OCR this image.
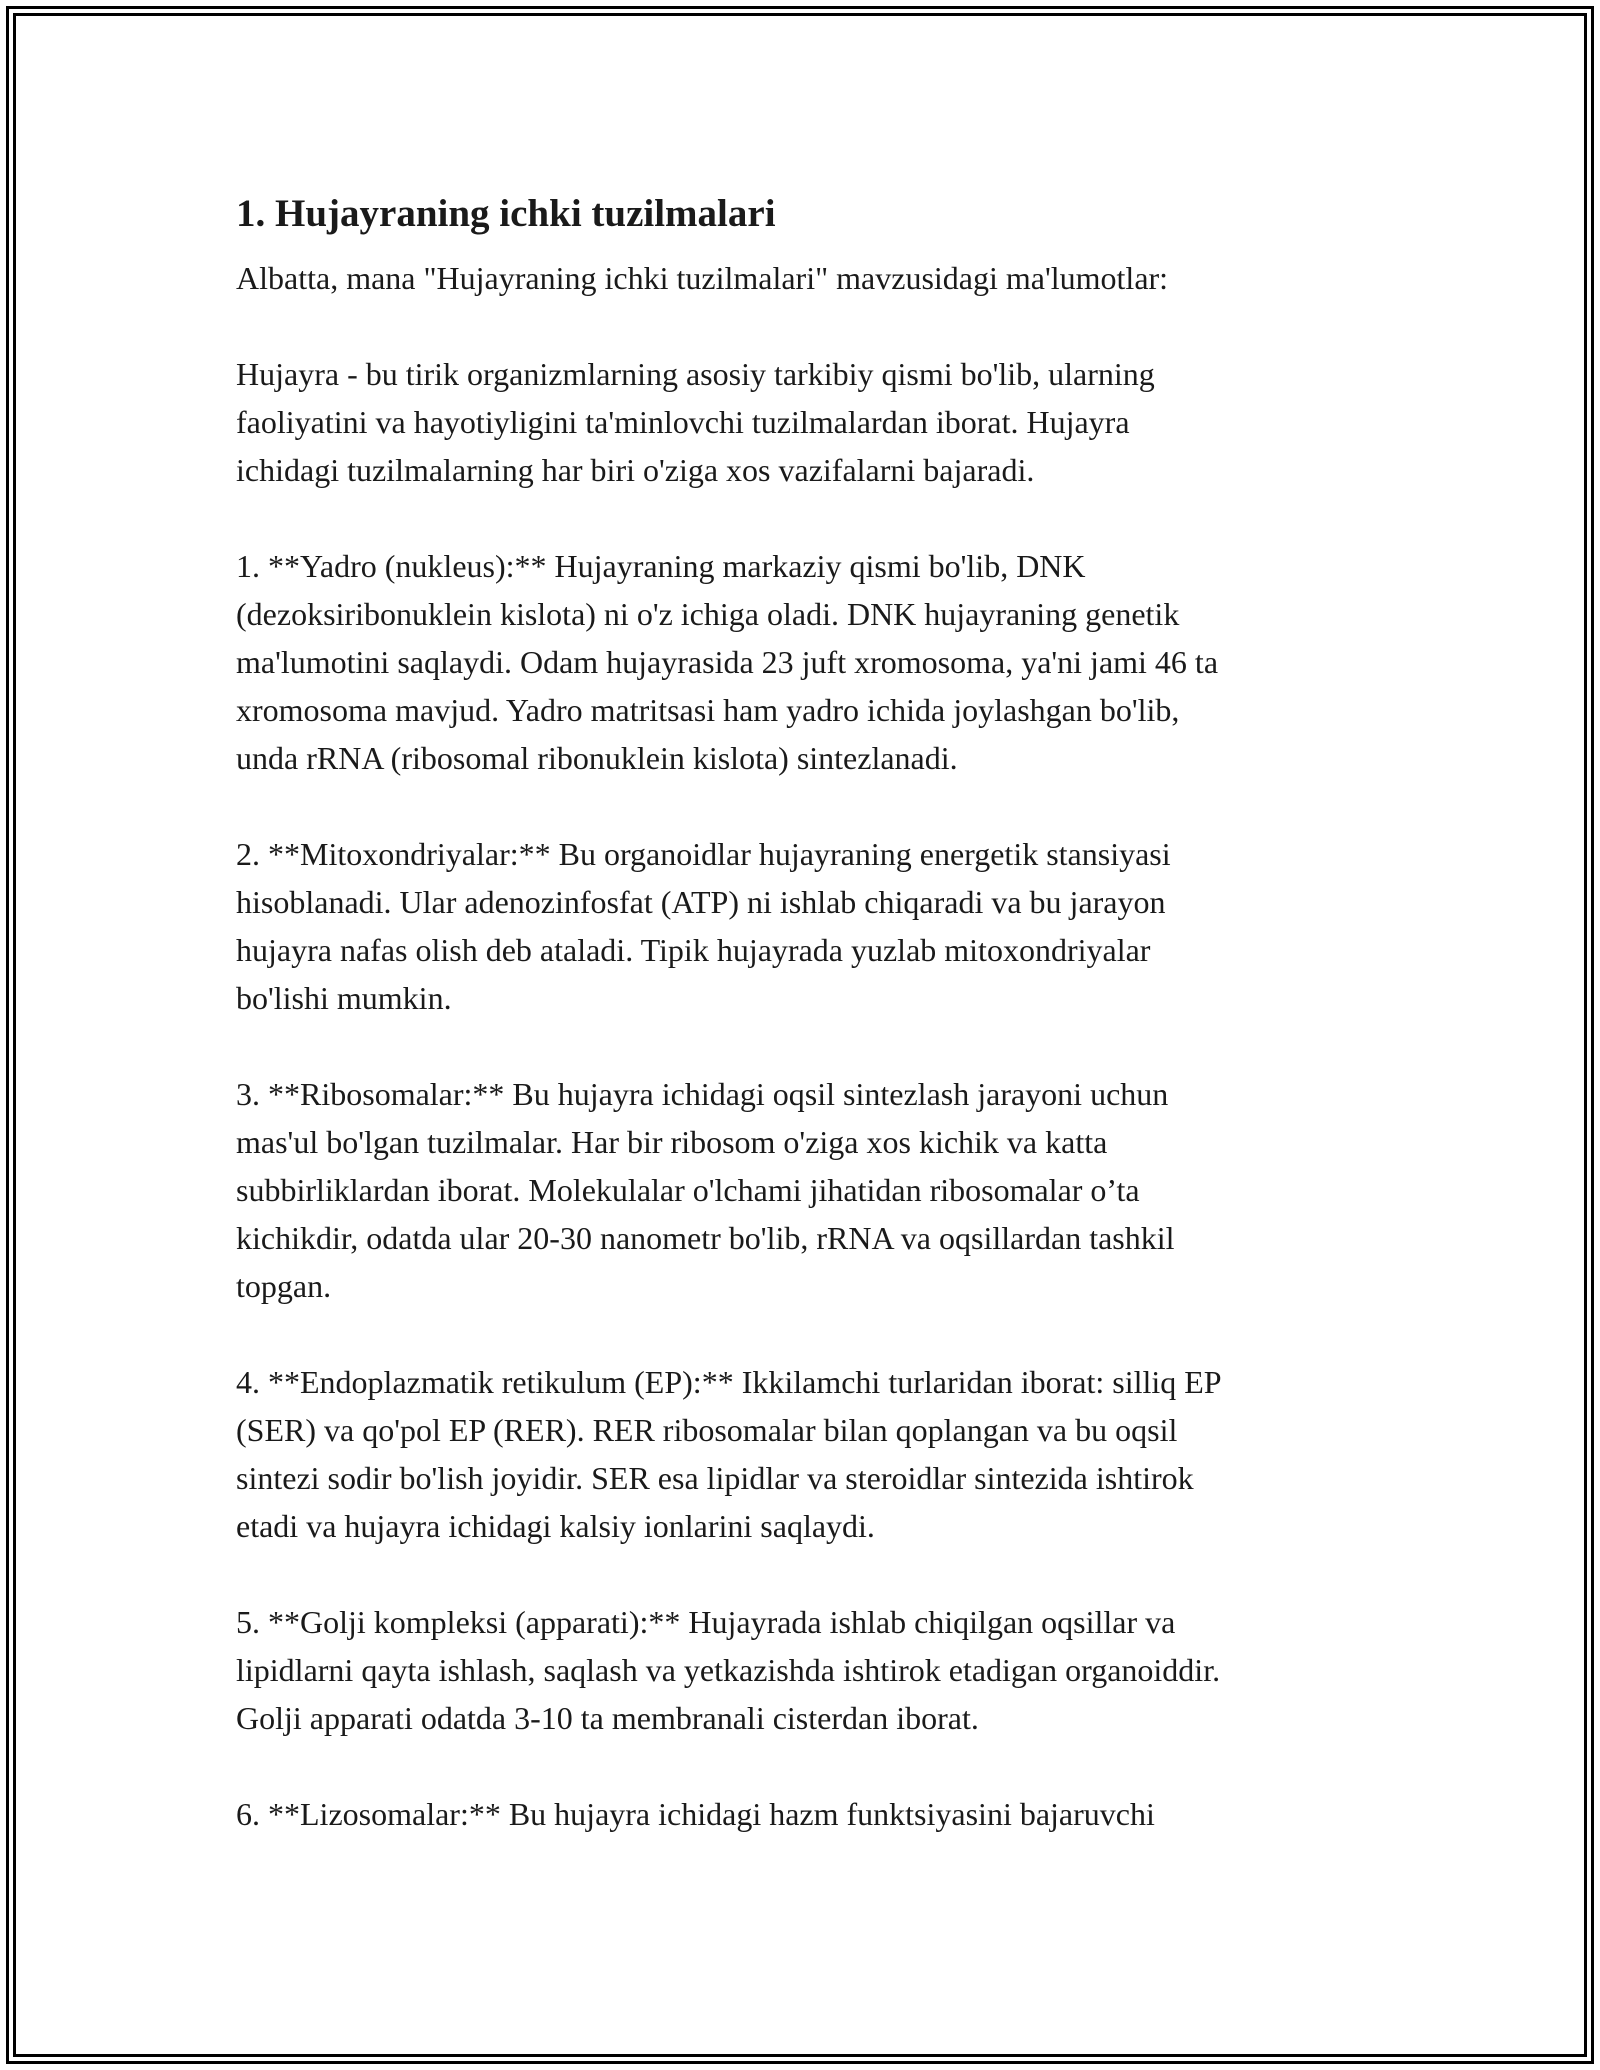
1. Hujayraning ichki tuzilmalari

Albatta, mana "Hujayraning ichki tuzilmalari" mavzusidagi ma'lumotlar:

Hujayra - bu tirik organizmlarning asosiy tarkibiy qismi bo'lib, ularning
faoliyatini va hayotiyligini ta'minlovchi tuzilmalardan iborat. Hujayra
ichidagi tuzilmalarning har biri o'ziga xos vazifalarni bajaradi.

1. **Yadro (nukleus):** Hujayraning markaziy qismi bo'lib, DNK
(dezoksiribonuklein kislota) ni o'z ichiga oladi. DNK hujayraning genetik
ma'lumotini saqlaydi. Odam hujayrasida 23 juft xromosoma, ya'ni jami 46 ta
xromosoma mavjud. Yadro matritsasi ham yadro ichida joylashgan bo'lib,
unda rRNA (ribosomal ribonuklein kislota) sintezlanadi.

2. **Mitoxondriyalar:** Bu organoidlar hujayraning energetik stansiyasi
hisoblanadi. Ular adenozinfosfat (ATP) ni ishlab chiqaradi va bu jarayon
hujayra nafas olish deb ataladi. Tipik hujayrada yuzlab mitoxondriyalar
bo'lishi mumkin.

3. **Ribosomalar:** Bu hujayra ichidagi oqsil sintezlash jarayoni uchun
mas'ul bo'lgan tuzilmalar. Har bir ribosom o'ziga xos kichik va katta
subbirliklardan iborat. Molekulalar o'lchami jihatidan ribosomalar o’ta
kichikdir, odatda ular 20-30 nanometr bo'lib, rRNA va oqsillardan tashkil
topgan.

4. **Endoplazmatik retikulum (EP):** Ikkilamchi turlaridan iborat: silliq EP
(SER) va qo'pol EP (RER). RER ribosomalar bilan qoplangan va bu oqsil
sintezi sodir bo'lish joyidir. SER esa lipidlar va steroidlar sintezida ishtirok
etadi va hujayra ichidagi kalsiy ionlarini saqlaydi.

5. **Golji kompleksi (apparati):** Hujayrada ishlab chiqilgan oqsillar va
lipidlarni qayta ishlash, saqlash va yetkazishda ishtirok etadigan organoiddir.
Golji apparati odatda 3-10 ta membranali cisterdan iborat.

6. **Lizosomalar:** Bu hujayra ichidagi hazm funktsiyasini bajaruvchi
